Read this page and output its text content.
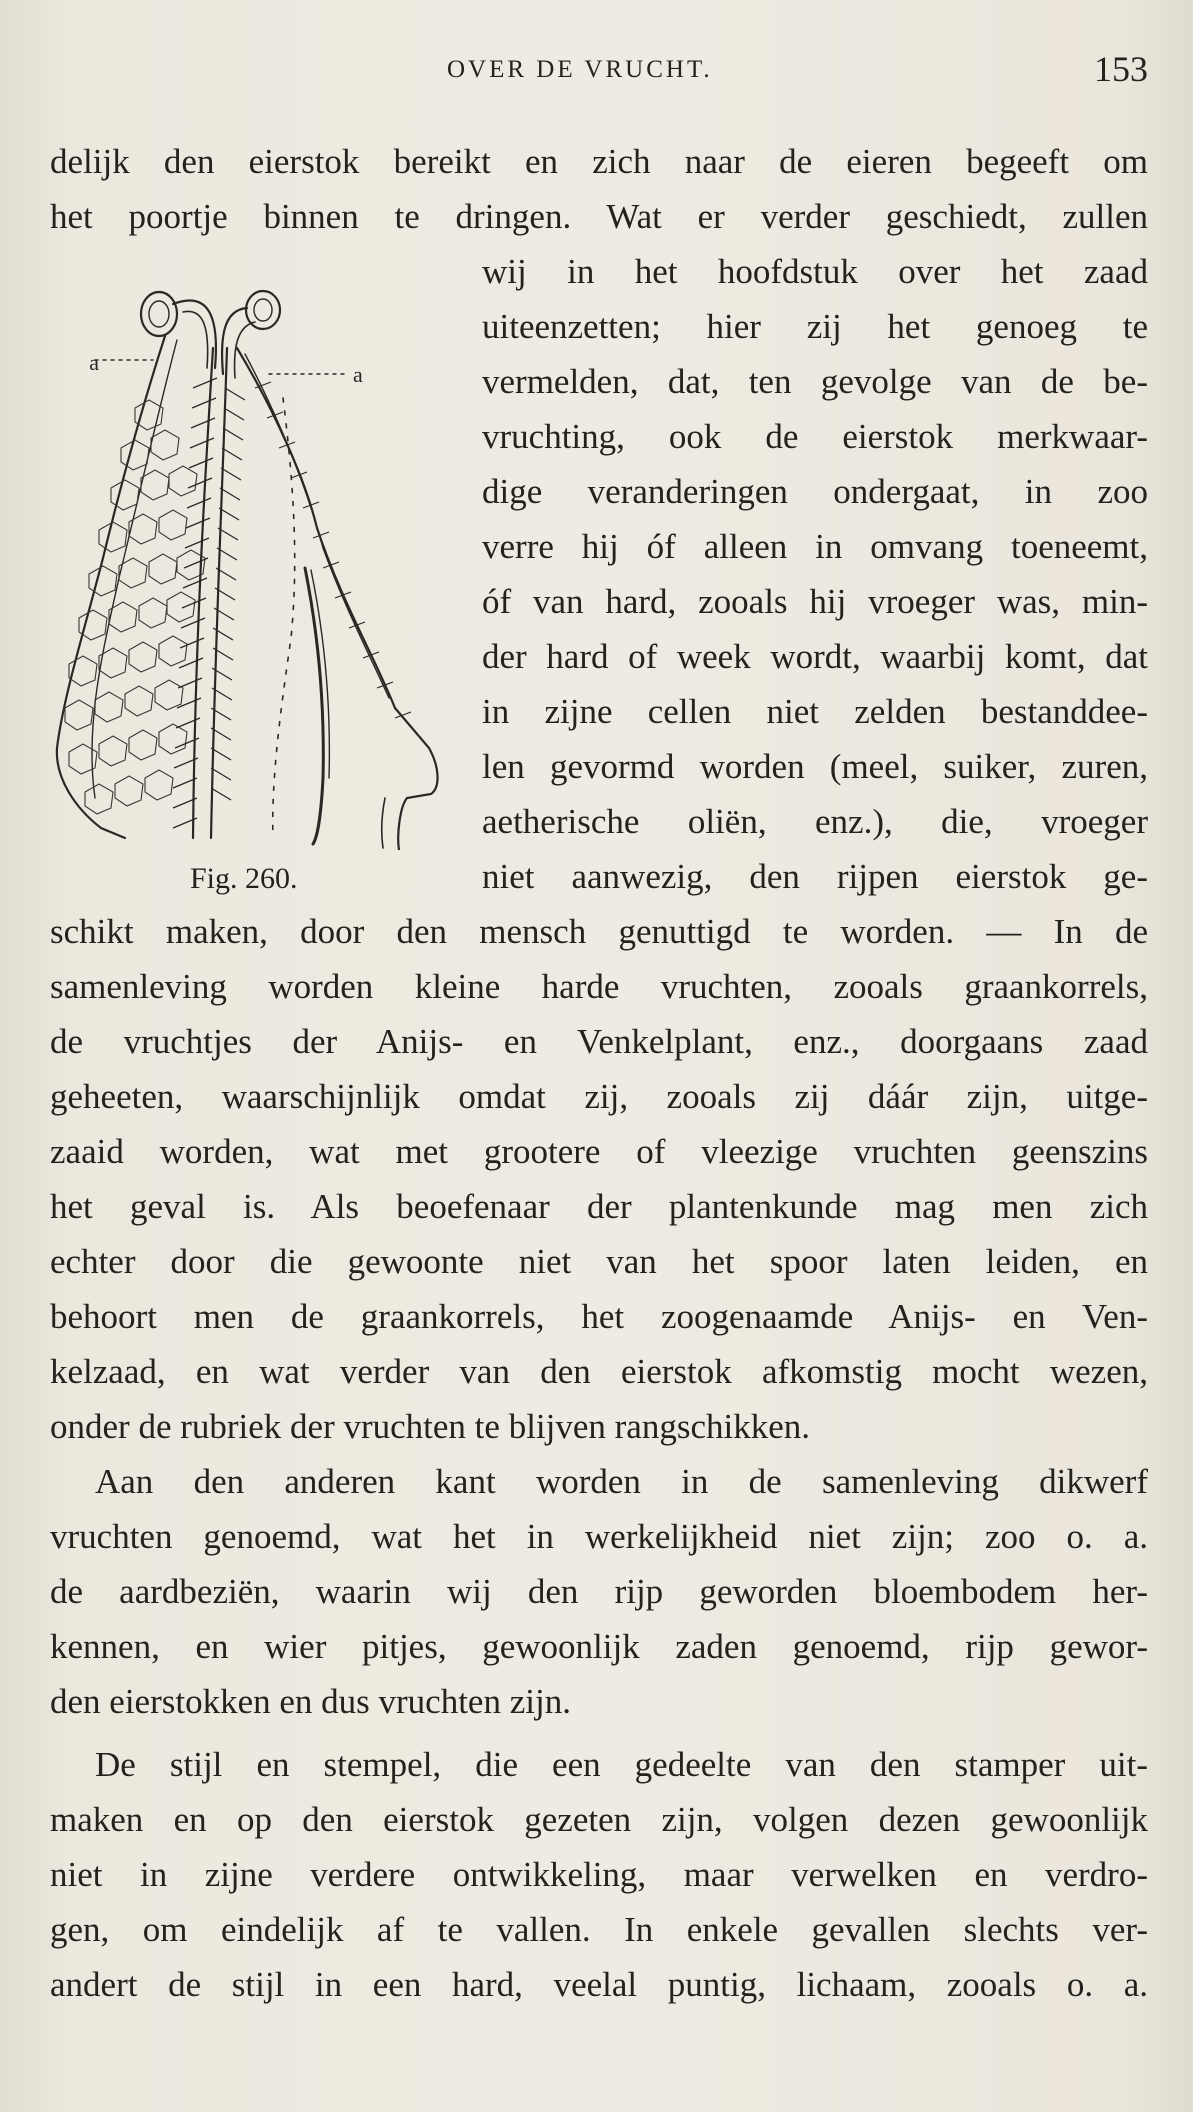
OVER DE VRUCHT.	153
a	a
Fig. 260.
delijk den eierstok bereikt en zich naar de eieren begeeft om
het poortje binnen te dringen. Wat er verder geschiedt, zullen
wij in het hoofdstuk over het zaad
uiteenzetten; hier zij het genoeg te
vermelden, dat, ten gevolge van de be-
vruchting, ook de eierstok merkwaar-
dige veranderingen ondergaat, in zoo
verre hij óf alleen in omvang toeneemt,
óf van hard, zooals hij vroeger was, min-
der hard of week wordt, waarbij komt, dat
in zijne cellen niet zelden bestanddee-
len gevormd worden (meel, suiker, zuren,
aetherische oliën, enz.), die, vroeger
niet aanwezig, den rijpen eierstok ge-
schikt maken, door den mensch genuttigd te worden. — In de
samenleving worden kleine harde vruchten, zooals graankorrels,
de vruchtjes der Anijs- en Venkelplant, enz., doorgaans zaad
geheeten, waarschijnlijk omdat zij, zooals zij dáár zijn, uitge-
zaaid worden, wat met grootere of vleezige vruchten geenszins
het geval is. Als beoefenaar der plantenkunde mag men zich
echter door die gewoonte niet van het spoor laten leiden, en
behoort men de graankorrels, het zoogenaamde Anijs- en Ven-
kelzaad, en wat verder van den eierstok afkomstig mocht wezen,
onder de rubriek der vruchten te blijven rangschikken.
Aan den anderen kant worden in de samenleving dikwerf
vruchten genoemd, wat het in werkelijkheid niet zijn; zoo o. a.
de aardbeziën, waarin wij den rijp geworden bloembodem her-
kennen, en wier pitjes, gewoonlijk zaden genoemd, rijp gewor-
den eierstokken en dus vruchten zijn.
De stijl en stempel, die een gedeelte van den stamper uit-
maken en op den eierstok gezeten zijn, volgen dezen gewoonlijk
niet in zijne verdere ontwikkeling, maar verwelken en verdro-
gen, om eindelijk af te vallen. In enkele gevallen slechts ver-
andert de stijl in een hard, veelal puntig, lichaam, zooals o. a.
